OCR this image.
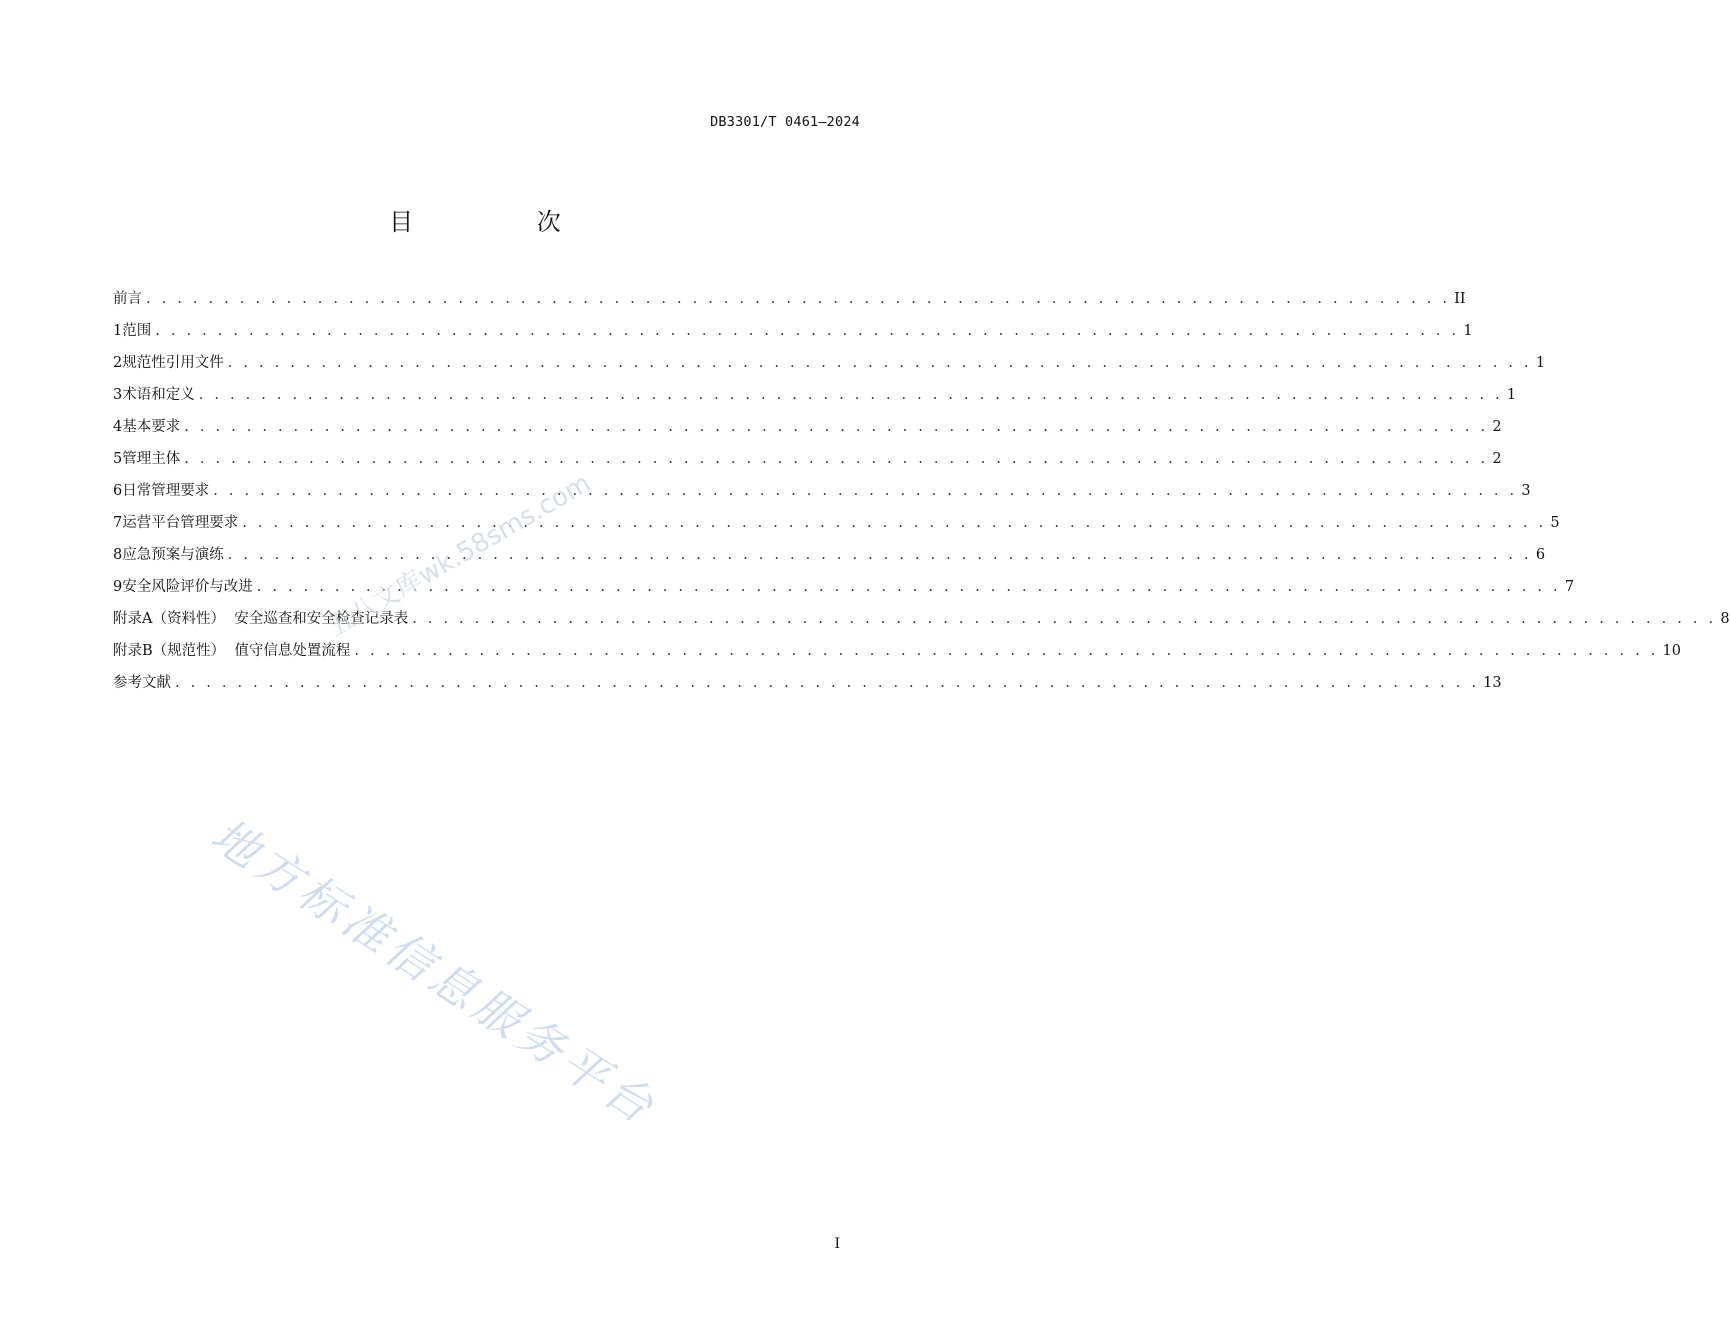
DB3301/T 0461—2024
目 次
前言 . . . . . . . . . . . . . . . . . . . . . . . . . . . . . . . . . . . . . . . . . . . . . . . . . . . . . . . . . . . . . . . . . . . . . . . . . . . . . . . . . . . . II
1 范围 . . . . . . . . . . . . . . . . . . . . . . . . . . . . . . . . . . . . . . . . . . . . . . . . . . . . . . . . . . . . . . . . . . . . . . . . . . . . . . . . . . . . 1
2 规范性引用文件 . . . . . . . . . . . . . . . . . . . . . . . . . . . . . . . . . . . . . . . . . . . . . . . . . . . . . . . . . . . . . . . . . . . . . . . . . . . . . . . . . . . . 1
3 术语和定义 . . . . . . . . . . . . . . . . . . . . . . . . . . . . . . . . . . . . . . . . . . . . . . . . . . . . . . . . . . . . . . . . . . . . . . . . . . . . . . . . . . . . 1
4 基本要求 . . . . . . . . . . . . . . . . . . . . . . . . . . . . . . . . . . . . . . . . . . . . . . . . . . . . . . . . . . . . . . . . . . . . . . . . . . . . . . . . . . . . 2
5 管理主体 . . . . . . . . . . . . . . . . . . . . . . . . . . . . . . . . . . . . . . . . . . . . . . . . . . . . . . . . . . . . . . . . . . . . . . . . . . . . . . . . . . . . 2
6 日常管理要求 . . . . . . . . . . . . . . . . . . . . . . . . . . . . . . . . . . . . . . . . . . . . . . . . . . . . . . . . . . . . . . . . . . . . . . . . . . . . . . . . . . . . 3
7 运营平台管理要求 . . . . . . . . . . . . . . . . . . . . . . . . . . . . . . . . . . . . . . . . . . . . . . . . . . . . . . . . . . . . . . . . . . . . . . . . . . . . . . . . . . . . 5
8 应急预案与演练 . . . . . . . . . . . . . . . . . . . . . . . . . . . . . . . . . . . . . . . . . . . . . . . . . . . . . . . . . . . . . . . . . . . . . . . . . . . . . . . . . . . . 6
9 安全风险评价与改进 . . . . . . . . . . . . . . . . . . . . . . . . . . . . . . . . . . . . . . . . . . . . . . . . . . . . . . . . . . . . . . . . . . . . . . . . . . . . . . . . . . . . 7
附录A（资料性）  安全巡查和安全检查记录表 . . . . . . . . . . . . . . . . . . . . . . . . . . . . . . . . . . . . . . . . . . . . . . . . . . . . . . . . . . . . . . . . . . . . . . . . . . . . . . . . . . . . 8
附录B（规范性）  值守信息处置流程 . . . . . . . . . . . . . . . . . . . . . . . . . . . . . . . . . . . . . . . . . . . . . . . . . . . . . . . . . . . . . . . . . . . . . . . . . . . . . . . . . . . . 10
参考文献 . . . . . . . . . . . . . . . . . . . . . . . . . . . . . . . . . . . . . . . . . . . . . . . . . . . . . . . . . . . . . . . . . . . . . . . . . . . . . . . . . . . . 13
五八文库wk.58sms.com
地方标准信息服务平台
I
